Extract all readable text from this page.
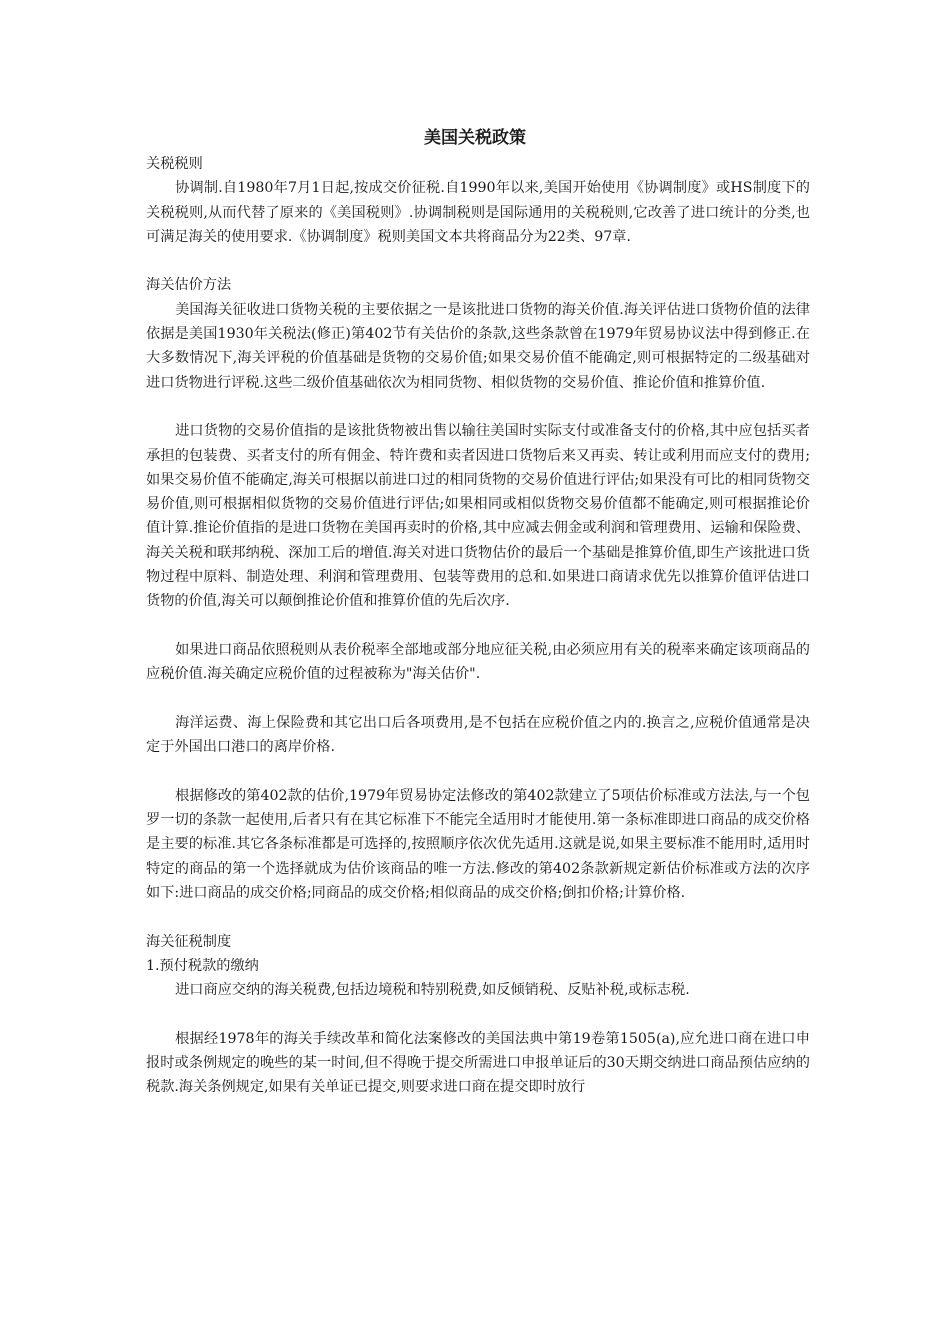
美国关税政策
关税税则

协调制.自1980年7月1日起,按成交价征税.自1990年以来,美国开始使用《协调制度》或HS制度下的关税税则,从而代替了原来的《美国税则》.协调制税则是国际通用的关税税则,它改善了进口统计的分类,也可满足海关的使用要求.《协调制度》税则美国文本共将商品分为22类、97章.

海关估价方法

美国海关征收进口货物关税的主要依据之一是该批进口货物的海关价值.海关评估进口货物价值的法律依据是美国1930年关税法(修正)第402节有关估价的条款,这些条款曾在1979年贸易协议法中得到修正.在大多数情况下,海关评税的价值基础是货物的交易价值;如果交易价值不能确定,则可根据特定的二级基础对进口货物进行评税.这些二级价值基础依次为相同货物、相似货物的交易价值、推论价值和推算价值.

进口货物的交易价值指的是该批货物被出售以输往美国时实际支付或准备支付的价格,其中应包括买者承担的包装费、买者支付的所有佣金、特许费和卖者因进口货物后来又再卖、转让或利用而应支付的费用;如果交易价值不能确定,海关可根据以前进口过的相同货物的交易价值进行评估;如果没有可比的相同货物交易价值,则可根据相似货物的交易价值进行评估;如果相同或相似货物交易价值都不能确定,则可根据推论价值计算.推论价值指的是进口货物在美国再卖时的价格,其中应减去佣金或利润和管理费用、运输和保险费、海关关税和联邦纳税、深加工后的增值.海关对进口货物估价的最后一个基础是推算价值,即生产该批进口货物过程中原料、制造处理、利润和管理费用、包装等费用的总和.如果进口商请求优先以推算价值评估进口货物的价值,海关可以颠倒推论价值和推算价值的先后次序.

如果进口商品依照税则从表价税率全部地或部分地应征关税,由必须应用有关的税率来确定该项商品的应税价值.海关确定应税价值的过程被称为"海关估价".

海洋运费、海上保险费和其它出口后各项费用,是不包括在应税价值之内的.换言之,应税价值通常是决定于外国出口港口的离岸价格.

根据修改的第402款的估价,1979年贸易协定法修改的第402款建立了5项估价标准或方法法,与一个包罗一切的条款一起使用,后者只有在其它标准下不能完全适用时才能使用.第一条标准即进口商品的成交价格是主要的标准.其它各条标准都是可选择的,按照顺序依次优先适用.这就是说,如果主要标准不能用时,适用时特定的商品的第一个选择就成为估价该商品的唯一方法.修改的第402条款新规定新估价标准或方法的次序如下:进口商品的成交价格;同商品的成交价格;相似商品的成交价格;倒扣价格;计算价格.

海关征税制度
1.预付税款的缴纳

进口商应交纳的海关税费,包括边境税和特别税费,如反倾销税、反贴补税,或标志税.

根据经1978年的海关手续改革和简化法案修改的美国法典中第19卷第1505(a),应允进口商在进口申报时或条例规定的晚些的某一时间,但不得晚于提交所需进口申报单证后的30天期交纳进口商品预估应纳的税款.海关条例规定,如果有关单证已提交,则要求进口商在提交即时放行
